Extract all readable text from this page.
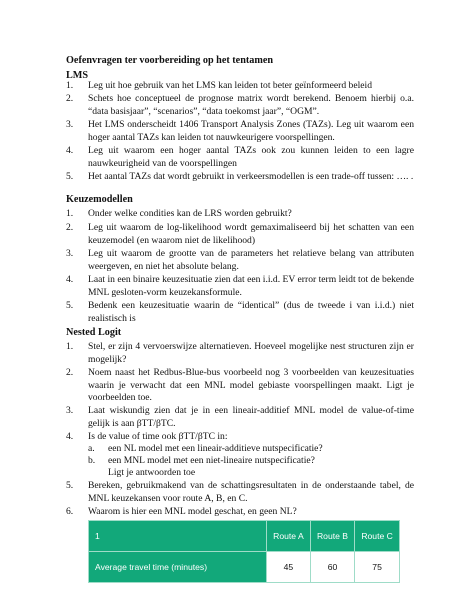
Oefenvragen ter voorbereiding op het tentamen
LMS
1.	Leg uit hoe gebruik van het LMS kan leiden tot beter geïnformeerd beleid
2.	Schets hoe conceptueel de prognose matrix wordt berekend. Benoem hierbij o.a. “data basisjaar”, “scenarios”, “data toekomst jaar”, “OGM”.
3.	Het LMS onderscheidt 1406 Transport Analysis Zones (TAZs). Leg uit waarom een hoger aantal TAZs kan leiden tot nauwkeurigere voorspellingen.
4.	Leg uit waarom een hoger aantal TAZs ook zou kunnen leiden to een lagre nauwkeurigheid van de voorspellingen
5.	Het aantal TAZs dat wordt gebruikt in verkeersmodellen is een trade-off tussen: …. .
Keuzemodellen
1.	Onder welke condities kan de LRS worden gebruikt?
2.	Leg uit waarom de log-likelihood wordt gemaximaliseerd bij het schatten van een keuzemodel (en waarom niet de likelihood)
3.	Leg uit waarom de grootte van de parameters het relatieve belang van attributen weergeven, en niet het absolute belang.
4.	Laat in een binaire keuzesituatie zien dat een i.i.d. EV error term leidt tot de bekende MNL gesloten-vorm keuzekansformule.
5.	Bedenk een keuzesituatie waarin de “identical” (dus de tweede i van i.i.d.) niet realistisch is
Nested Logit
1.	Stel, er zijn 4 vervoerswijze alternatieven. Hoeveel mogelijke nest structuren zijn er mogelijk?
2.	Noem naast het Redbus-Blue-bus voorbeeld nog 3 voorbeelden van keuzesituaties waarin je verwacht dat een MNL model gebiaste voorspellingen maakt. Ligt je voorbeelden toe.
3.	Laat wiskundig zien dat je in een lineair-additief MNL model de value-of-time gelijk is aan βTT/βTC.
4.	Is de value of time ook βTT/βTC in:
a. een NL model met een lineair-additieve nutspecificatie?
b. een MNL model met een niet-lineaire nutspecificatie?
Ligt je antwoorden toe
5.	Bereken, gebruikmakend van de schattingsresultaten in de onderstaande tabel, de MNL keuzekansen voor route A, B, en C.
1	Route A	Route B	Route C
Average travel time (minutes)	45	60	75
6.	Waarom is hier een MNL model geschat, en geen NL?
